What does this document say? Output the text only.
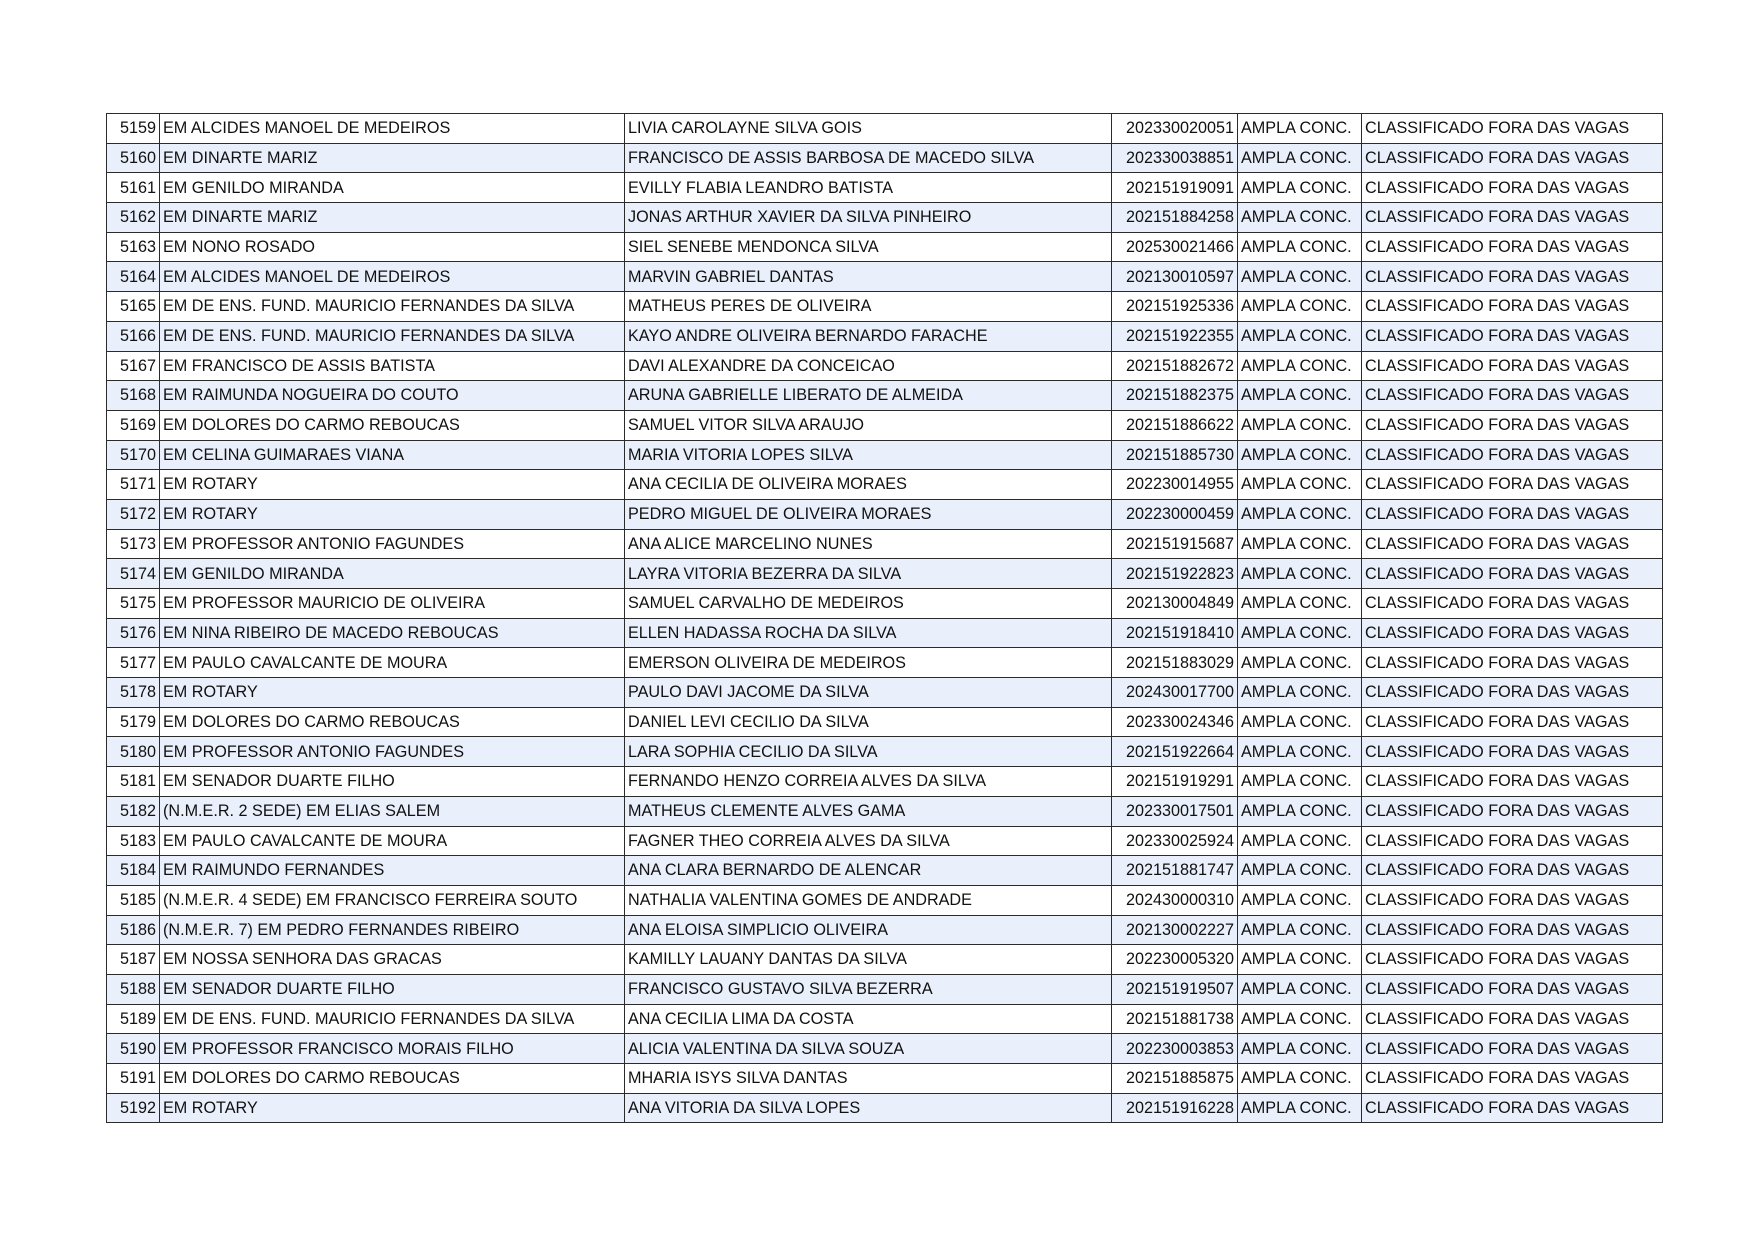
5159	EM ALCIDES MANOEL DE MEDEIROS	LIVIA CAROLAYNE SILVA GOIS	202330020051	AMPLA CONC.	CLASSIFICADO FORA DAS VAGAS
5160	EM DINARTE MARIZ	FRANCISCO DE ASSIS BARBOSA DE MACEDO SILVA	202330038851	AMPLA CONC.	CLASSIFICADO FORA DAS VAGAS
5161	EM GENILDO MIRANDA	EVILLY FLABIA LEANDRO BATISTA	202151919091	AMPLA CONC.	CLASSIFICADO FORA DAS VAGAS
5162	EM DINARTE MARIZ	JONAS ARTHUR XAVIER DA SILVA PINHEIRO	202151884258	AMPLA CONC.	CLASSIFICADO FORA DAS VAGAS
5163	EM NONO ROSADO	SIEL SENEBE MENDONCA SILVA	202530021466	AMPLA CONC.	CLASSIFICADO FORA DAS VAGAS
5164	EM ALCIDES MANOEL DE MEDEIROS	MARVIN GABRIEL DANTAS	202130010597	AMPLA CONC.	CLASSIFICADO FORA DAS VAGAS
5165	EM DE ENS. FUND. MAURICIO FERNANDES DA SILVA	MATHEUS PERES DE OLIVEIRA	202151925336	AMPLA CONC.	CLASSIFICADO FORA DAS VAGAS
5166	EM DE ENS. FUND. MAURICIO FERNANDES DA SILVA	KAYO ANDRE OLIVEIRA BERNARDO FARACHE	202151922355	AMPLA CONC.	CLASSIFICADO FORA DAS VAGAS
5167	EM FRANCISCO DE ASSIS BATISTA	DAVI ALEXANDRE DA CONCEICAO	202151882672	AMPLA CONC.	CLASSIFICADO FORA DAS VAGAS
5168	EM RAIMUNDA NOGUEIRA DO COUTO	ARUNA GABRIELLE LIBERATO DE ALMEIDA	202151882375	AMPLA CONC.	CLASSIFICADO FORA DAS VAGAS
5169	EM DOLORES DO CARMO REBOUCAS	SAMUEL VITOR SILVA ARAUJO	202151886622	AMPLA CONC.	CLASSIFICADO FORA DAS VAGAS
5170	EM CELINA GUIMARAES VIANA	MARIA VITORIA LOPES SILVA	202151885730	AMPLA CONC.	CLASSIFICADO FORA DAS VAGAS
5171	EM ROTARY	ANA CECILIA DE OLIVEIRA MORAES	202230014955	AMPLA CONC.	CLASSIFICADO FORA DAS VAGAS
5172	EM ROTARY	PEDRO MIGUEL DE OLIVEIRA MORAES	202230000459	AMPLA CONC.	CLASSIFICADO FORA DAS VAGAS
5173	EM PROFESSOR ANTONIO FAGUNDES	ANA ALICE MARCELINO NUNES	202151915687	AMPLA CONC.	CLASSIFICADO FORA DAS VAGAS
5174	EM GENILDO MIRANDA	LAYRA VITORIA BEZERRA DA SILVA	202151922823	AMPLA CONC.	CLASSIFICADO FORA DAS VAGAS
5175	EM PROFESSOR MAURICIO DE OLIVEIRA	SAMUEL CARVALHO DE MEDEIROS	202130004849	AMPLA CONC.	CLASSIFICADO FORA DAS VAGAS
5176	EM NINA RIBEIRO DE MACEDO REBOUCAS	ELLEN HADASSA ROCHA DA SILVA	202151918410	AMPLA CONC.	CLASSIFICADO FORA DAS VAGAS
5177	EM PAULO CAVALCANTE DE MOURA	EMERSON OLIVEIRA DE MEDEIROS	202151883029	AMPLA CONC.	CLASSIFICADO FORA DAS VAGAS
5178	EM ROTARY	PAULO DAVI JACOME DA SILVA	202430017700	AMPLA CONC.	CLASSIFICADO FORA DAS VAGAS
5179	EM DOLORES DO CARMO REBOUCAS	DANIEL LEVI CECILIO DA SILVA	202330024346	AMPLA CONC.	CLASSIFICADO FORA DAS VAGAS
5180	EM PROFESSOR ANTONIO FAGUNDES	LARA SOPHIA CECILIO DA SILVA	202151922664	AMPLA CONC.	CLASSIFICADO FORA DAS VAGAS
5181	EM SENADOR DUARTE FILHO	FERNANDO HENZO CORREIA ALVES DA SILVA	202151919291	AMPLA CONC.	CLASSIFICADO FORA DAS VAGAS
5182	(N.M.E.R. 2 SEDE) EM ELIAS SALEM	MATHEUS CLEMENTE ALVES GAMA	202330017501	AMPLA CONC.	CLASSIFICADO FORA DAS VAGAS
5183	EM PAULO CAVALCANTE DE MOURA	FAGNER THEO CORREIA ALVES DA SILVA	202330025924	AMPLA CONC.	CLASSIFICADO FORA DAS VAGAS
5184	EM RAIMUNDO FERNANDES	ANA CLARA BERNARDO DE ALENCAR	202151881747	AMPLA CONC.	CLASSIFICADO FORA DAS VAGAS
5185	(N.M.E.R. 4 SEDE) EM FRANCISCO FERREIRA SOUTO	NATHALIA VALENTINA GOMES DE ANDRADE	202430000310	AMPLA CONC.	CLASSIFICADO FORA DAS VAGAS
5186	(N.M.E.R. 7) EM PEDRO FERNANDES RIBEIRO	ANA ELOISA SIMPLICIO OLIVEIRA	202130002227	AMPLA CONC.	CLASSIFICADO FORA DAS VAGAS
5187	EM NOSSA SENHORA DAS GRACAS	KAMILLY LAUANY DANTAS DA SILVA	202230005320	AMPLA CONC.	CLASSIFICADO FORA DAS VAGAS
5188	EM SENADOR DUARTE FILHO	FRANCISCO GUSTAVO SILVA BEZERRA	202151919507	AMPLA CONC.	CLASSIFICADO FORA DAS VAGAS
5189	EM DE ENS. FUND. MAURICIO FERNANDES DA SILVA	ANA CECILIA LIMA DA COSTA	202151881738	AMPLA CONC.	CLASSIFICADO FORA DAS VAGAS
5190	EM PROFESSOR FRANCISCO MORAIS FILHO	ALICIA VALENTINA DA SILVA SOUZA	202230003853	AMPLA CONC.	CLASSIFICADO FORA DAS VAGAS
5191	EM DOLORES DO CARMO REBOUCAS	MHARIA ISYS SILVA DANTAS	202151885875	AMPLA CONC.	CLASSIFICADO FORA DAS VAGAS
5192	EM ROTARY	ANA VITORIA DA SILVA LOPES	202151916228	AMPLA CONC.	CLASSIFICADO FORA DAS VAGAS
